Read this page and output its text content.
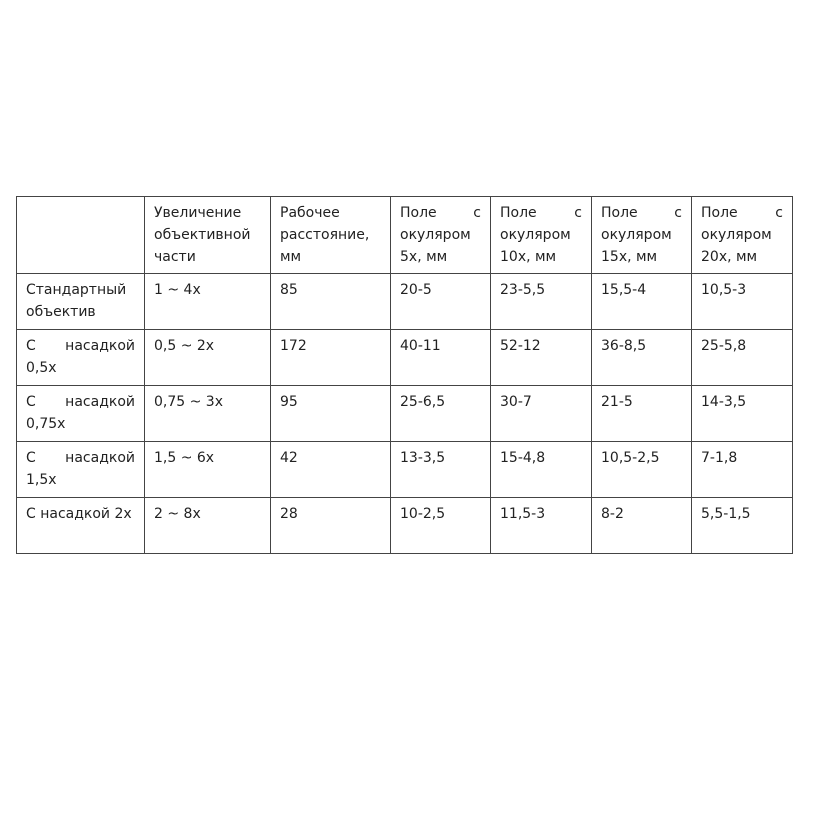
	Увеличение объективной части	Рабочее расстояние, мм	Поле с окуляром 5х, мм	Поле с окуляром 10х, мм	Поле с окуляром 15х, мм	Поле с окуляром 20х, мм
Стандартный объектив	1 ~ 4х	85	20-5	23-5,5	15,5-4	10,5-3
С насадкой 0,5х	0,5 ~ 2х	172	40-11	52-12	36-8,5	25-5,8
С насадкой 0,75х	0,75 ~ 3х	95	25-6,5	30-7	21-5	14-3,5
С насадкой 1,5х	1,5 ~ 6х	42	13-3,5	15-4,8	10,5-2,5	7-1,8
С насадкой 2х	2 ~ 8х	28	10-2,5	11,5-3	8-2	5,5-1,5
